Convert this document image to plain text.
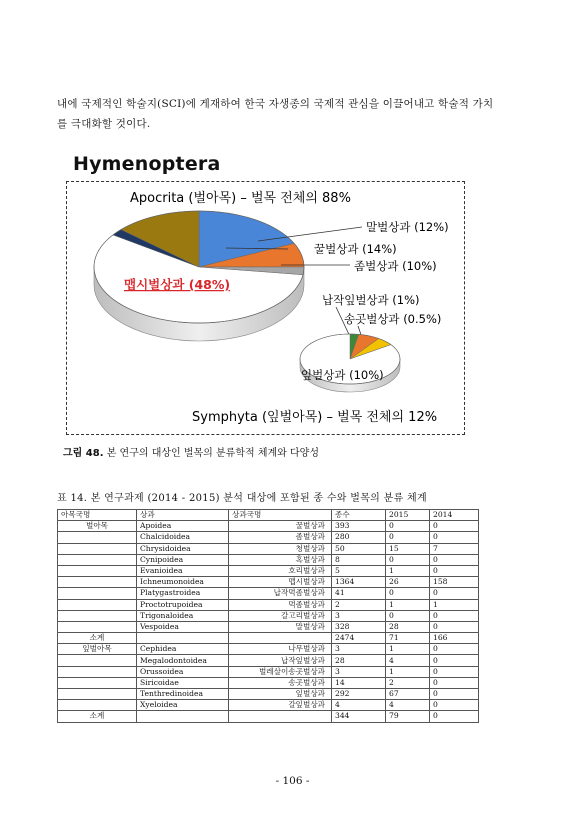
내에 국제적인 학술지(SCI)에 게재하여 한국 자생종의 국제적 관심을 이끌어내고 학술적 가치

를 극대화할 것이다.

Hymenoptera
Apocrita (벌아목) – 벌목 전체의 88%
말벌상과 (12%)
꿀벌상과 (14%)
좀벌상과 (10%)
맵시벌상과 (48%)
납작잎벌상과 (1%)
송곳벌상과 (0.5%)
잎벌상과 (10%)
Symphyta (잎벌아목) – 벌목 전체의 12%
그림 48. 본 연구의 대상인 벌목의 분류학적 체계와 다양성
표 14. 본 연구과제 (2014 - 2015) 분석 대상에 포함된 종 수와 벌목의 분류 체계
아목국명	상과	상과국명	종수	2015	2014
벌아목	Apoidea	꿀벌상과	393	0	0
	Chalcidoidea	좀벌상과	280	0	0
	Chrysidoidea	청벌상과	50	15	7
	Cynipoidea	혹벌상과	8	0	0
	Evanioidea	호리벌상과	5	1	0
	Ichneumonoidea	맵시벌상과	1364	26	158
	Platygastroidea	납작먹좀벌상과	41	0	0
	Proctotrupoidea	먹좀벌상과	2	1	1
	Trigonaloidea	갈고리벌상과	3	0	0
	Vespoidea	말벌상과	328	28	0
소계			2474	71	166
잎벌아목	Cephidea	나무벌상과	3	1	0
	Megalodontoidea	납작잎벌상과	28	4	0
	Orussoidea	벌레살이송곳벌상과	3	1	0
	Siricoidae	송곳벌상과	14	2	0
	Tenthredinoidea	잎벌상과	292	67	0
	Xyeloidea	갈잎벌상과	4	4	0
소계			344	79	0
- 106 -
